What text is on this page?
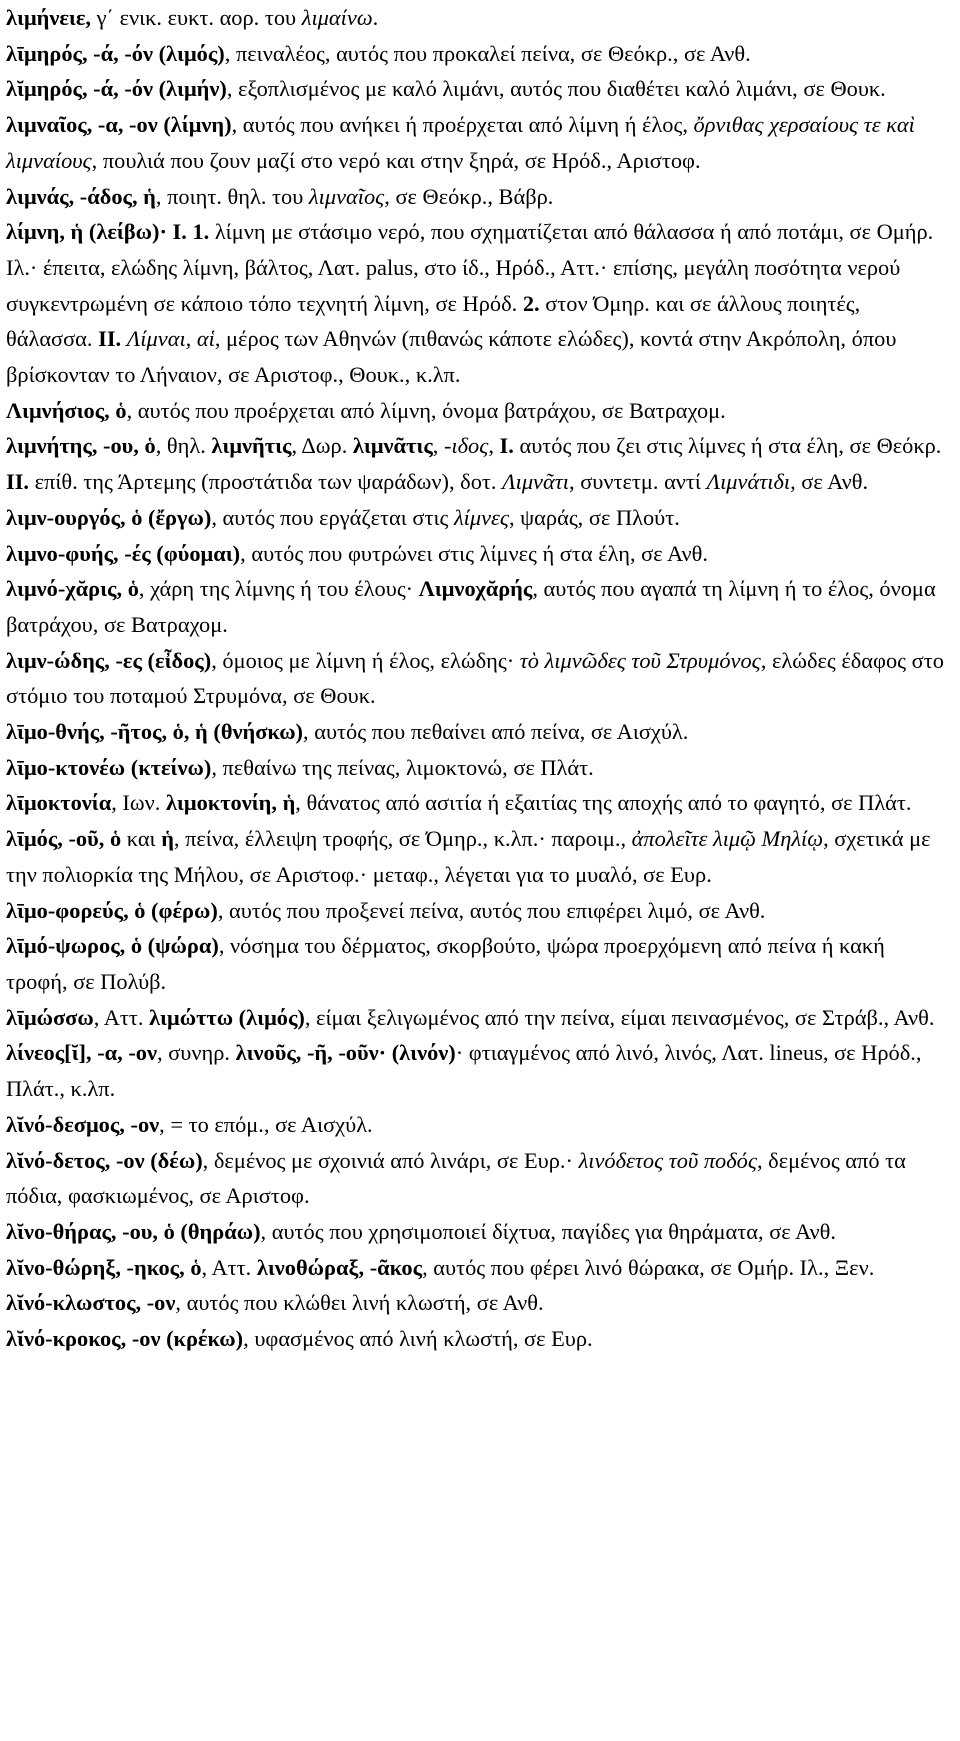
λιμήνειε, γ΄ ενικ. ευκτ. αορ. του λιμαίνω.

λῑμηρός, -ά, -όν (λιμός), πειναλέος, αυτός που προκαλεί πείνα, σε Θεόκρ., σε Ανθ.

λῐμηρός, -ά, -όν (λιμήν), εξοπλισμένος με καλό λιμάνι, αυτός που διαθέτει καλό λιμάνι, σε Θουκ.

λιμναῖος, -α, -ον (λίμνη), αυτός που ανήκει ή προέρχεται από λίμνη ή έλος, ὄρνιθας χερσαίους τε καὶ λιμναίους, πουλιά που ζουν μαζί στο νερό και στην ξηρά, σε Ηρόδ., Αριστοφ.

λιμνάς, -άδος, ἡ, ποιητ. θηλ. του λιμναῖος, σε Θεόκρ., Βάβρ.

λίμνη, ἡ (λείβω)· I. 1. λίμνη με στάσιμο νερό, που σχηματίζεται από θάλασσα ή από ποτάμι, σε Ομήρ. Ιλ.· έπειτα, ελώδης λίμνη, βάλτος, Λατ. palus, στο ίδ., Ηρόδ., Αττ.· επίσης, μεγάλη ποσότητα νερού συγκεντρωμένη σε κάποιο τόπο τεχνητή λίμνη, σε Ηρόδ. 2. στον Όμηρ. και σε άλλους ποιητές, θάλασσα. II. Λίμναι, αἱ, μέρος των Αθηνών (πιθανώς κάποτε ελώδες), κοντά στην Ακρόπολη, όπου βρίσκονταν το Λήναιον, σε Αριστοφ., Θουκ., κ.λπ.

Λιμνήσιος, ὁ, αυτός που προέρχεται από λίμνη, όνομα βατράχου, σε Βατραχομ.

λιμνήτης, -ου, ὁ, θηλ. λιμνῆτις, Δωρ. λιμνᾶτις, -ιδος, I. αυτός που ζει στις λίμνες ή στα έλη, σε Θεόκρ. II. επίθ. της Άρτεμης (προστάτιδα των ψαράδων), δοτ. Λιμνᾶτι, συντετμ. αντί Λιμνάτιδι, σε Ανθ.

λιμν-ουργός, ὁ (ἔργω), αυτός που εργάζεται στις λίμνες, ψαράς, σε Πλούτ.

λιμνο-φυής, -ές (φύομαι), αυτός που φυτρώνει στις λίμνες ή στα έλη, σε Ανθ.

λιμνό-χᾰρις, ὁ, χάρη της λίμνης ή του έλους· Λιμνοχᾰρής, αυτός που αγαπά τη λίμνη ή το έλος, όνομα βατράχου, σε Βατραχομ.

λιμν-ώδης, -ες (εἶδος), όμοιος με λίμνη ή έλος, ελώδης· τὸ λιμνῶδες τοῦ Στρυμόνος, ελώδες έδαφος στο στόμιο του ποταμού Στρυμόνα, σε Θουκ.

λῑμο-θνής, -ῆτος, ὁ, ἡ (θνήσκω), αυτός που πεθαίνει από πείνα, σε Αισχύλ.

λῑμο-κτονέω (κτείνω), πεθαίνω της πείνας, λιμοκτονώ, σε Πλάτ.

λῑμοκτονία, Ιων. λιμοκτονίη, ἡ, θάνατος από ασιτία ή εξαιτίας της αποχής από το φαγητό, σε Πλάτ.

λῑμός, -οῦ, ὁ και ἡ, πείνα, έλλειψη τροφής, σε Όμηρ., κ.λπ.· παροιμ., ἀπολεῖτε λιμῷ Μηλίῳ, σχετικά με την πολιορκία της Μήλου, σε Αριστοφ.· μεταφ., λέγεται για το μυαλό, σε Ευρ.

λῑμο-φορεύς, ὁ (φέρω), αυτός που προξενεί πείνα, αυτός που επιφέρει λιμό, σε Ανθ.

λῑμό-ψωρος, ὁ (ψώρα), νόσημα του δέρματος, σκορβούτο, ψώρα προερχόμενη από πείνα ή κακή τροφή, σε Πολύβ.

λῑμώσσω, Αττ. λιμώττω (λιμός), είμαι ξελιγωμένος από την πείνα, είμαι πεινασμένος, σε Στράβ., Ανθ.

λίνεος[ῐ], -α, -ον, συνηρ. λινοῦς, -ῆ, -οῦν· (λινόν)· φτιαγμένος από λινό, λινός, Λατ. lineus, σε Ηρόδ., Πλάτ., κ.λπ.

λῐνό-δεσμος, -ον, = το επόμ., σε Αισχύλ.

λῐνό-δετος, -ον (δέω), δεμένος με σχοινιά από λινάρι, σε Ευρ.· λινόδετος τοῦ ποδός, δεμένος από τα πόδια, φασκιωμένος, σε Αριστοφ.

λῐνο-θήρας, -ου, ὁ (θηράω), αυτός που χρησιμοποιεί δίχτυα, παγίδες για θηράματα, σε Ανθ.

λῐνο-θώρηξ, -ηκος, ὁ, Αττ. λινοθώραξ, -ᾶκος, αυτός που φέρει λινό θώρακα, σε Ομήρ. Ιλ., Ξεν.

λῐνό-κλωστος, -ον, αυτός που κλώθει λινή κλωστή, σε Ανθ.

λῐνό-κροκος, -ον (κρέκω), υφασμένος από λινή κλωστή, σε Ευρ.
